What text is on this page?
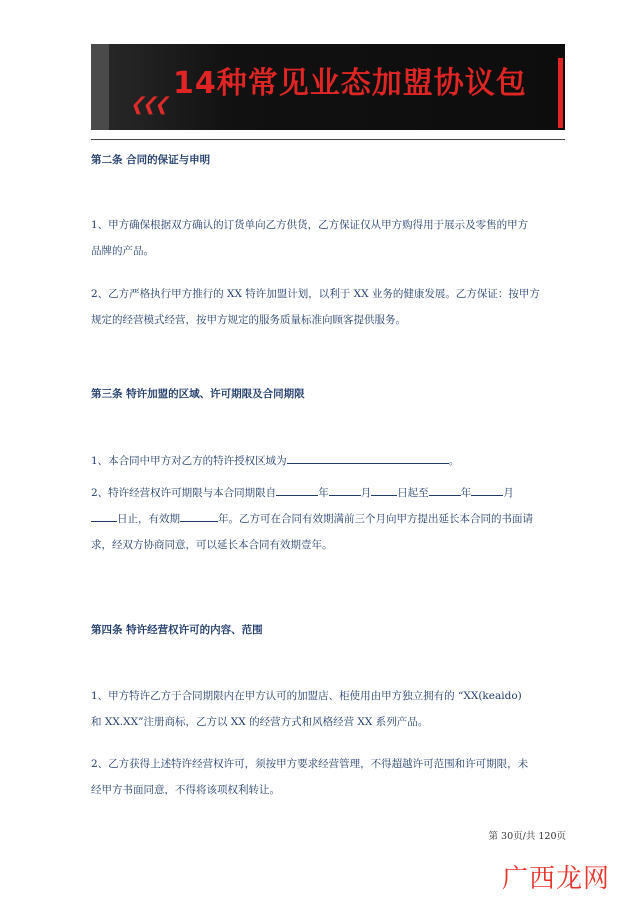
❮❮❮
14种常见业态加盟协议包
第二条 合同的保证与申明
1、甲方确保根据双方确认的订货单向乙方供货，乙方保证仅从甲方购得用于展示及零售的甲方
品牌的产品。
2、乙方严格执行甲方推行的 XX 特许加盟计划，以利于 XX 业务的健康发展。乙方保证：按甲方
规定的经营模式经营，按甲方规定的服务质量标准向顾客提供服务。
第三条 特许加盟的区域、许可期限及合同期限
1、本合同中甲方对乙方的特许授权区域为	。
2、特许经营权许可期限与本合同期限自	年	月 日起至	年	月
日止，有效期	年。乙方可在合同有效期满前三个月向甲方提出延长本合同的书面请
求，经双方协商同意，可以延长本合同有效期壹年。
第四条 特许经营权许可的内容、范围
1、甲方特许乙方于合同期限内在甲方认可的加盟店、柜使用由甲方独立拥有的 “XX(keaido)
和 XX.XX”注册商标，乙方以 XX 的经营方式和风格经营 XX 系列产品。
2、乙方获得上述特许经营权许可，须按甲方要求经营管理，不得超越许可范围和许可期限，未
经甲方书面同意，不得将该项权利转让。
第 30页/共 120页
广西龙网
